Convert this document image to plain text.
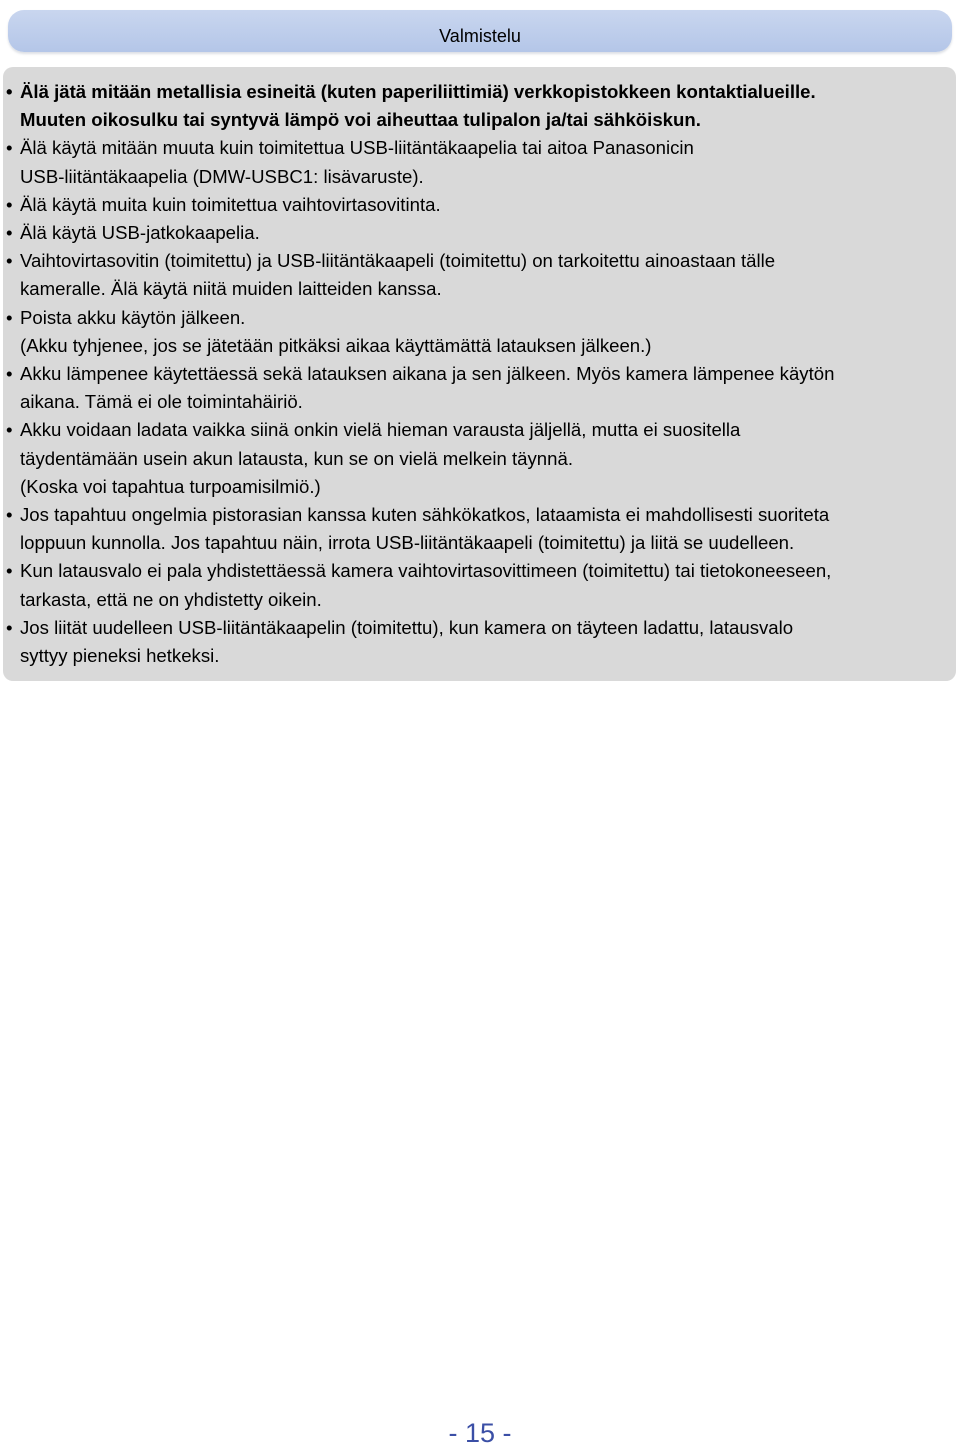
Valmistelu
• Älä jätä mitään metallisia esineitä (kuten paperiliittimiä) verkkopistokkeen kontaktialueille.
Muuten oikosulku tai syntyvä lämpö voi aiheuttaa tulipalon ja/tai sähköiskun.
• Älä käytä mitään muuta kuin toimitettua USB-liitäntäkaapelia tai aitoa Panasonicin
USB-liitäntäkaapelia (DMW-USBC1: lisävaruste).
• Älä käytä muita kuin toimitettua vaihtovirtasovitinta.
• Älä käytä USB-jatkokaapelia.
• Vaihtovirtasovitin (toimitettu) ja USB-liitäntäkaapeli (toimitettu) on tarkoitettu ainoastaan tälle
kameralle. Älä käytä niitä muiden laitteiden kanssa.
• Poista akku käytön jälkeen.
(Akku tyhjenee, jos se jätetään pitkäksi aikaa käyttämättä latauksen jälkeen.)
• Akku lämpenee käytettäessä sekä latauksen aikana ja sen jälkeen. Myös kamera lämpenee käytön
aikana. Tämä ei ole toimintahäiriö.
• Akku voidaan ladata vaikka siinä onkin vielä hieman varausta jäljellä, mutta ei suositella
täydentämään usein akun latausta, kun se on vielä melkein täynnä.
(Koska voi tapahtua turpoamisilmiö.)
• Jos tapahtuu ongelmia pistorasian kanssa kuten sähkökatkos, lataamista ei mahdollisesti suoriteta
loppuun kunnolla. Jos tapahtuu näin, irrota USB-liitäntäkaapeli (toimitettu) ja liitä se uudelleen.
• Kun latausvalo ei pala yhdistettäessä kamera vaihtovirtasovittimeen (toimitettu) tai tietokoneeseen,
tarkasta, että ne on yhdistetty oikein.
• Jos liität uudelleen USB-liitäntäkaapelin (toimitettu), kun kamera on täyteen ladattu, latausvalo
syttyy pieneksi hetkeksi.
- 15 -
